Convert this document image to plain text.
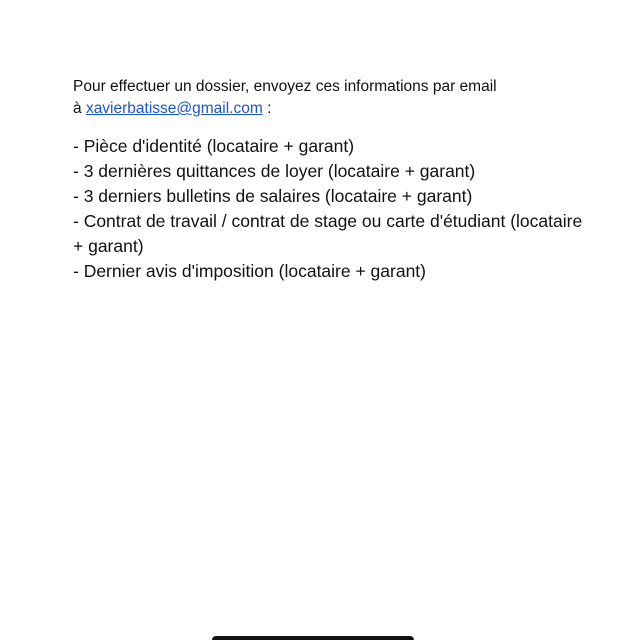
Pour effectuer un dossier, envoyez ces informations par email
à xavierbatisse@gmail.com :

- Pièce d'identité (locataire + garant)
- 3 dernières quittances de loyer (locataire + garant)
- 3 derniers bulletins de salaires (locataire + garant)
- Contrat de travail / contrat de stage ou carte d'étudiant (locataire + garant)
- Dernier avis d'imposition (locataire + garant)
